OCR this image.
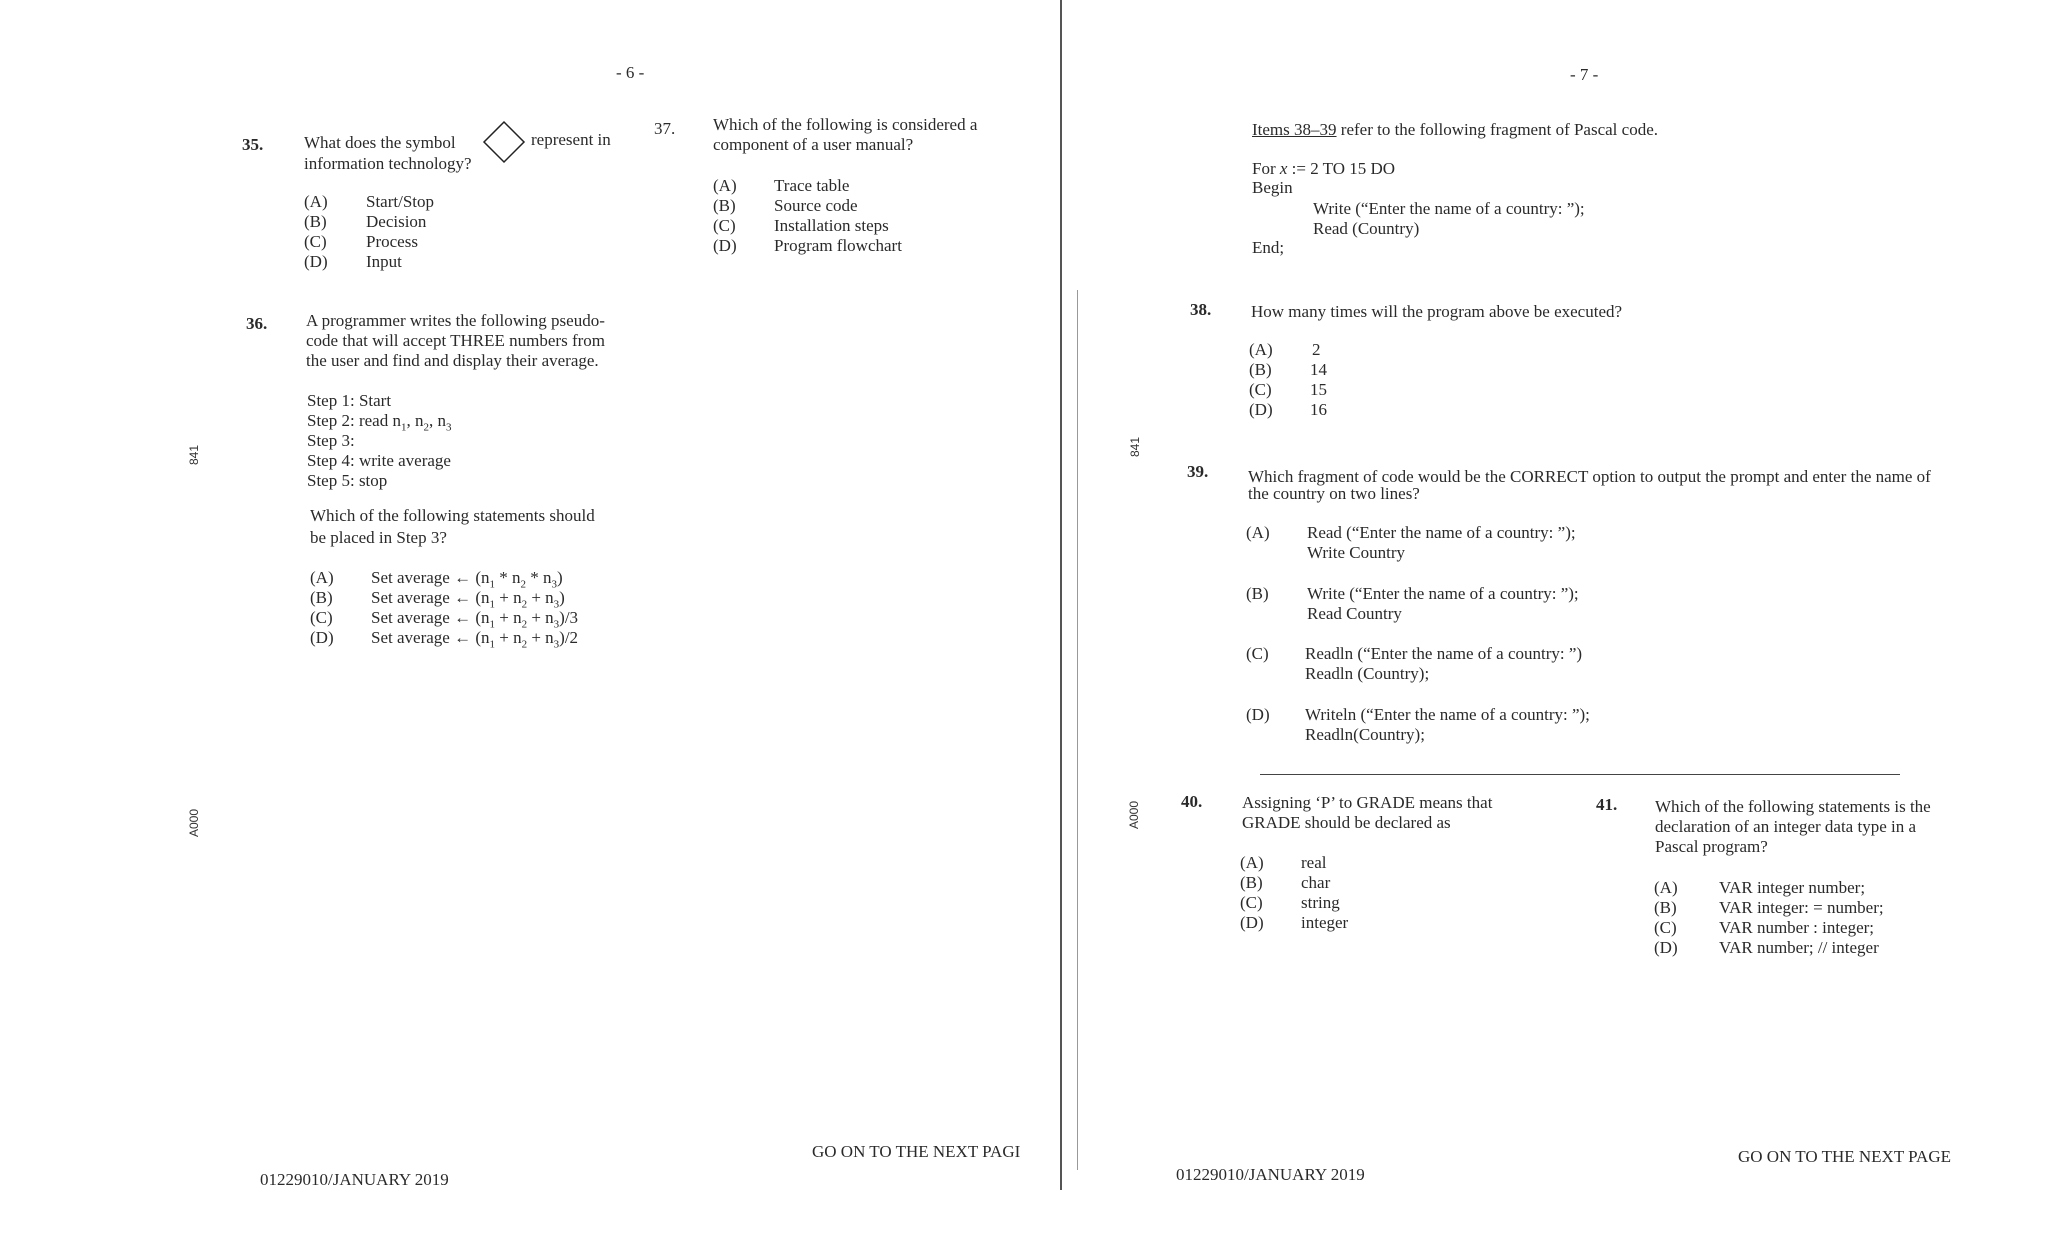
- 6 -	- 7 -
841
A000
841
A000
35. What does the symbol	represent in
information technology?
(A) Start/Stop
(B) Decision
(C) Process
(D) Input
36. A programmer writes the following pseudo-
code that will accept THREE numbers from
the user and find and display their average.
Step 1: Start
Step 2: read $n_1$, $n_2$, $n_3$
Step 3:
Step 4: write average
Step 5: stop
Which of the following statements should
be placed in Step 3?
(A) Set average ← $(n_1 * n_2 * n_3)$
(B) Set average ← $(n_1 + n_2 + n_3)$
(C) Set average ← $(n_1 + n_2 + n_3)/3$
(D) Set average ← $(n_1 + n_2 + n_3)/2$
37. Which of the following is considered a
component of a user manual?
(A) Trace table
(B) Source code
(C) Installation steps
(D) Program flowchart
Items 38–39 refer to the following fragment of Pascal code.
For x := 2 TO 15 DO
Begin
Write (“Enter the name of a country: ”);
Read (Country)
End;
38. How many times will the program above be executed?
(A) 2
(B) 14
(C) 15
(D) 16
39. Which fragment of code would be the CORRECT option to output the prompt and enter the name of
the country on two lines?
(A) Read (“Enter the name of a country: ”);
Write Country
(B) Write (“Enter the name of a country: ”);
Read Country
(C) Readln (“Enter the name of a country: ”)
Readln (Country);
(D) Writeln (“Enter the name of a country: ”);
Readln(Country);
40. Assigning ‘P’ to GRADE means that
GRADE should be declared as
(A) real
(B) char
(C) string
(D) integer
41. Which of the following statements is the
declaration of an integer data type in a
Pascal program?
(A) VAR integer number;
(B) VAR integer: = number;
(C) VAR number : integer;
(D) VAR number; // integer
GO ON TO THE NEXT PAGI
01229010/JANUARY 2019	01229010/JANUARY 2019
GO ON TO THE NEXT PAGE
